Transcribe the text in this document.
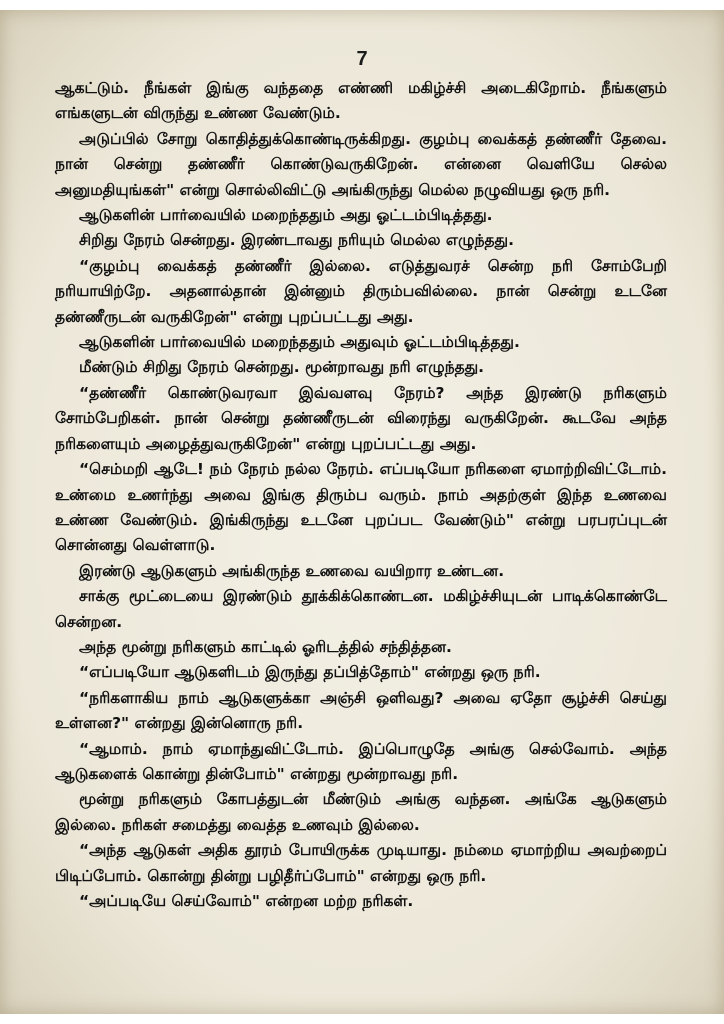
7

ஆகட்டும். நீங்கள் இங்கு வந்ததை எண்ணி மகிழ்ச்சி அடைகிறோம். நீங்களும் எங்களுடன் விருந்து உண்ண வேண்டும்.

அடுப்பில் சோறு கொதித்துக்கொண்டிருக்கிறது. குழம்பு வைக்கத் தண்ணீர் தேவை. நான் சென்று தண்ணீர் கொண்டுவருகிறேன். என்னை வெளியே செல்ல அனுமதியுங்கள்" என்று சொல்லிவிட்டு அங்கிருந்து மெல்ல நழுவியது ஒரு நரி.

ஆடுகளின் பார்வையில் மறைந்ததும் அது ஓட்டம்பிடித்தது.

சிறிது நேரம் சென்றது. இரண்டாவது நரியும் மெல்ல எழுந்தது.

“குழம்பு வைக்கத் தண்ணீர் இல்லை. எடுத்துவரச் சென்ற நரி சோம்பேறி நரியாயிற்றே. அதனால்தான் இன்னும் திரும்பவில்லை. நான் சென்று உடனே தண்ணீருடன் வருகிறேன்" என்று புறப்பட்டது அது.

ஆடுகளின் பார்வையில் மறைந்ததும் அதுவும் ஓட்டம்பிடித்தது.

மீண்டும் சிறிது நேரம் சென்றது. மூன்றாவது நரி எழுந்தது.

“தண்ணீர் கொண்டுவரவா இவ்வளவு நேரம்? அந்த இரண்டு நரிகளும் சோம்பேறிகள். நான் சென்று தண்ணீருடன் விரைந்து வருகிறேன். கூடவே அந்த நரிகளையும் அழைத்துவருகிறேன்" என்று புறப்பட்டது அது.

“செம்மறி ஆடே! நம் நேரம் நல்ல நேரம். எப்படியோ நரிகளை ஏமாற்றிவிட்டோம். உண்மை உணர்ந்து அவை இங்கு திரும்ப வரும். நாம் அதற்குள் இந்த உணவை உண்ண வேண்டும். இங்கிருந்து உடனே புறப்பட வேண்டும்" என்று பரபரப்புடன் சொன்னது வெள்ளாடு.

இரண்டு ஆடுகளும் அங்கிருந்த உணவை வயிறார உண்டன.

சாக்கு மூட்டையை இரண்டும் தூக்கிக்கொண்டன. மகிழ்ச்சியுடன் பாடிக்கொண்டே சென்றன.

அந்த மூன்று நரிகளும் காட்டில் ஓரிடத்தில் சந்தித்தன.

“எப்படியோ ஆடுகளிடம் இருந்து தப்பித்தோம்" என்றது ஒரு நரி.

“நரிகளாகிய நாம் ஆடுகளுக்கா அஞ்சி ஒளிவது? அவை ஏதோ சூழ்ச்சி செய்து உள்ளன?" என்றது இன்னொரு நரி.

“ஆமாம். நாம் ஏமாந்துவிட்டோம். இப்பொழுதே அங்கு செல்வோம். அந்த ஆடுகளைக் கொன்று தின்போம்" என்றது மூன்றாவது நரி.

மூன்று நரிகளும் கோபத்துடன் மீண்டும் அங்கு வந்தன. அங்கே ஆடுகளும் இல்லை. நரிகள் சமைத்து வைத்த உணவும் இல்லை.

“அந்த ஆடுகள் அதிக தூரம் போயிருக்க முடியாது. நம்மை ஏமாற்றிய அவற்றைப் பிடிப்போம். கொன்று தின்று பழிதீர்ப்போம்" என்றது ஒரு நரி.

“அப்படியே செய்வோம்" என்றன மற்ற நரிகள்.
